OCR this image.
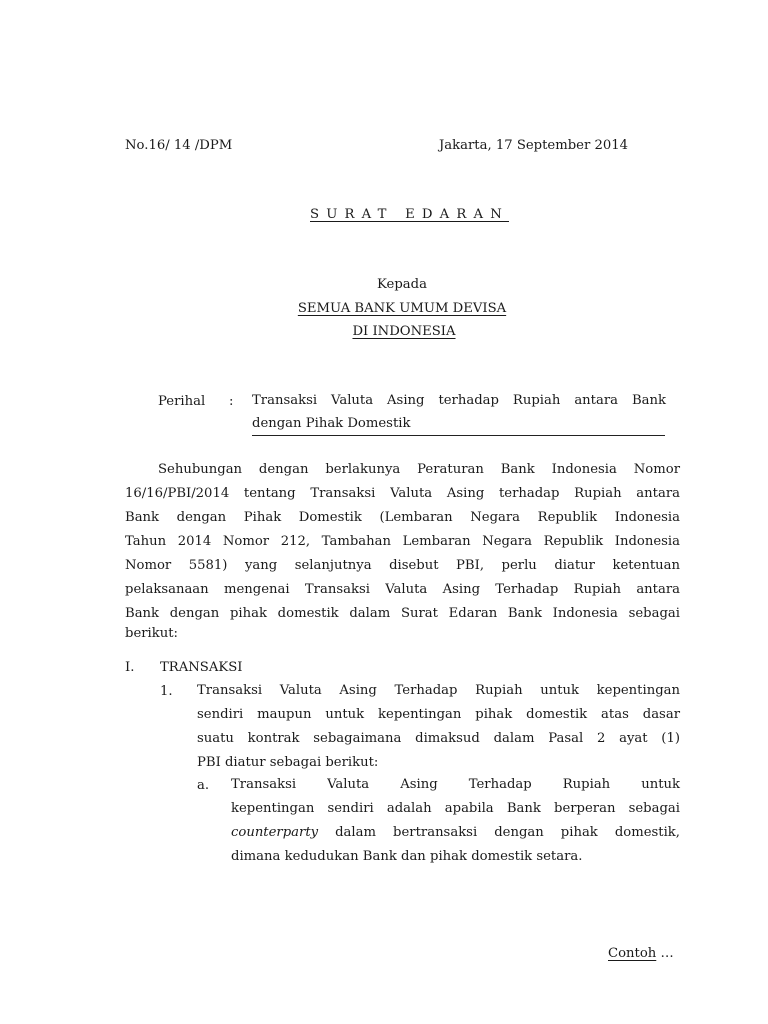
No.16/ 14 /DPM	Jakarta, 17 September 2014
SURAT EDARAN
Kepada
SEMUA BANK UMUM DEVISA
DI INDONESIA
Perihal : Transaksi Valuta Asing terhadap Rupiah antara Bank
dengan Pihak Domestik
Sehubungan dengan berlakunya Peraturan Bank Indonesia Nomor
16/16/PBI/2014 tentang Transaksi Valuta Asing terhadap Rupiah antara
Bank dengan Pihak Domestik (Lembaran Negara Republik Indonesia
Tahun 2014 Nomor 212, Tambahan Lembaran Negara Republik Indonesia
Nomor 5581) yang selanjutnya disebut PBI, perlu diatur ketentuan
pelaksanaan mengenai Transaksi Valuta Asing Terhadap Rupiah antara
Bank dengan pihak domestik dalam Surat Edaran Bank Indonesia sebagai
berikut:
I. TRANSAKSI
1. Transaksi Valuta Asing Terhadap Rupiah untuk kepentingan
sendiri maupun untuk kepentingan pihak domestik atas dasar
suatu kontrak sebagaimana dimaksud dalam Pasal 2 ayat (1)
PBI diatur sebagai berikut:
a. Transaksi Valuta Asing Terhadap Rupiah untuk
kepentingan sendiri adalah apabila Bank berperan sebagai
counterparty dalam bertransaksi dengan pihak domestik,
dimana kedudukan Bank dan pihak domestik setara.
Contoh …
